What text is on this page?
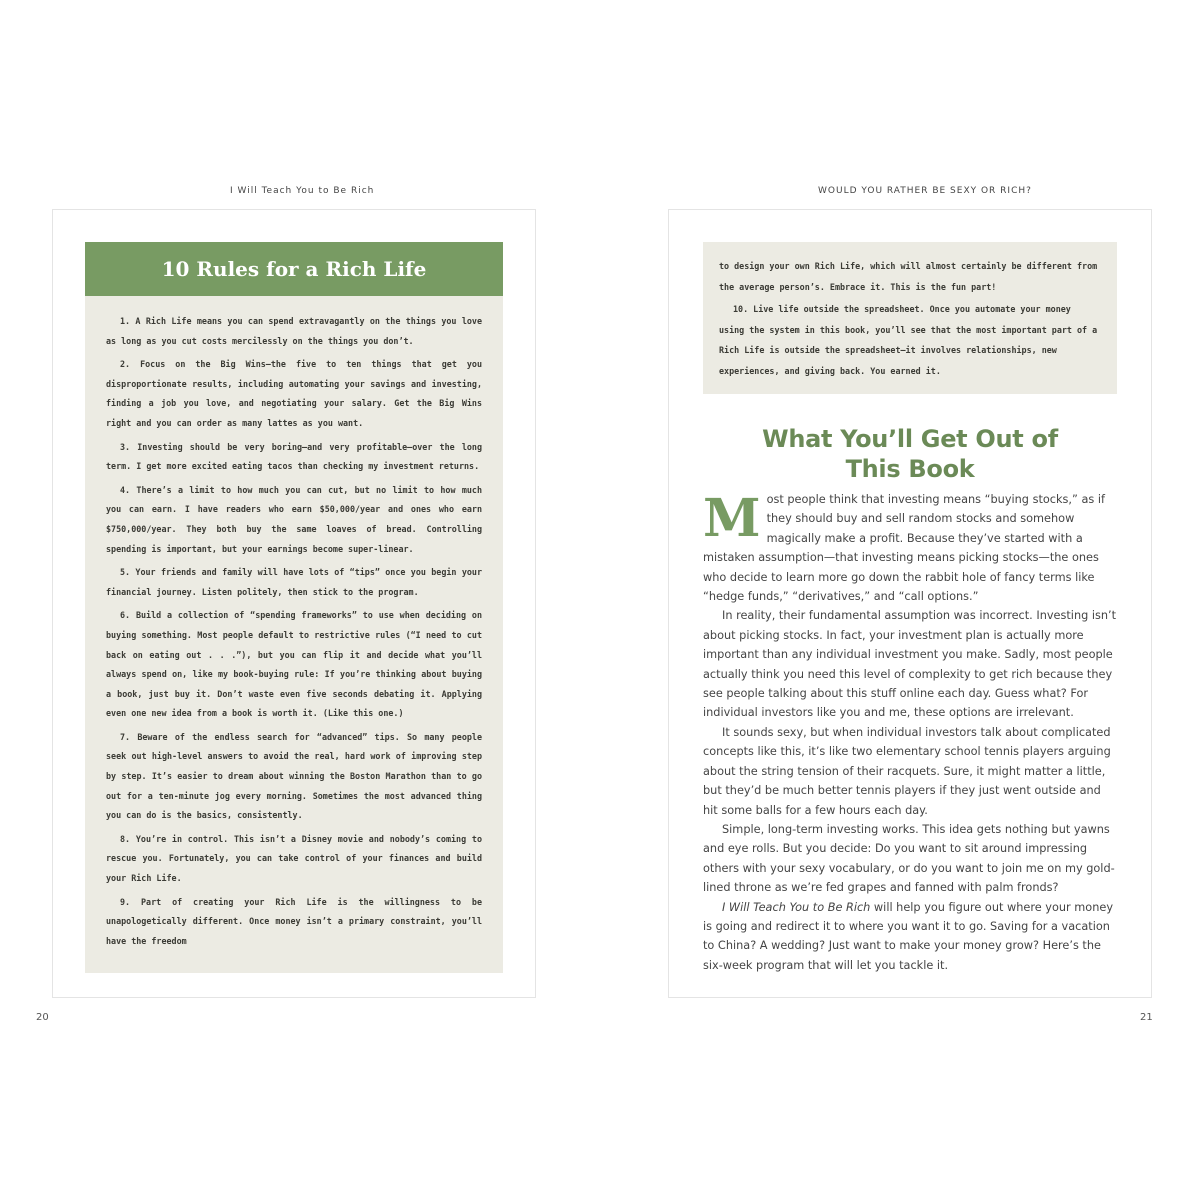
I Will Teach You to Be Rich	WOULD YOU RATHER BE SEXY OR RICH?
10 Rules for a Rich Life

1. A Rich Life means you can spend extravagantly on the things you love as long as you cut costs mercilessly on the things you don’t.

2. Focus on the Big Wins—the five to ten things that get you disproportionate results, including automating your savings and investing, finding a job you love, and negotiating your salary. Get the Big Wins right and you can order as many lattes as you want.

3. Investing should be very boring—and very profitable—over the long term. I get more excited eating tacos than checking my investment returns.

4. There’s a limit to how much you can cut, but no limit to how much you can earn. I have readers who earn $50,000/year and ones who earn $750,000/year. They both buy the same loaves of bread. Controlling spending is important, but your earnings become super-linear.

5. Your friends and family will have lots of “tips” once you begin your financial journey. Listen politely, then stick to the program.

6. Build a collection of “spending frameworks” to use when deciding on buying something. Most people default to restrictive rules (“I need to cut back on eating out . . .”), but you can flip it and decide what you’ll always spend on, like my book-buying rule: If you’re thinking about buying a book, just buy it. Don’t waste even five seconds debating it. Applying even one new idea from a book is worth it. (Like this one.)

7. Beware of the endless search for “advanced” tips. So many people seek out high-level answers to avoid the real, hard work of improving step by step. It’s easier to dream about winning the Boston Marathon than to go out for a ten-minute jog every morning. Sometimes the most advanced thing you can do is the basics, consistently.

8. You’re in control. This isn’t a Disney movie and nobody’s coming to rescue you. Fortunately, you can take control of your finances and build your Rich Life.

9. Part of creating your Rich Life is the willingness to be unapologetically different. Once money isn’t a primary constraint, you’ll have the freedom

to design your own Rich Life, which will almost certainly be different from the average person’s. Embrace it. This is the fun part!

10. Live life outside the spreadsheet. Once you automate your money using the system in this book, you’ll see that the most important part of a Rich Life is outside the spreadsheet—it involves relationships, new experiences, and giving back. You earned it.

What You’ll Get Out of
This Book

Most people think that investing means “buying stocks,” as if they should buy and sell random stocks and somehow magically make a profit. Because they’ve started with a mistaken assumption—that investing means picking stocks—the ones who decide to learn more go down the rabbit hole of fancy terms like “hedge funds,” “derivatives,” and “call options.”

In reality, their fundamental assumption was incorrect. Investing isn’t about picking stocks. In fact, your investment plan is actually more important than any individual investment you make. Sadly, most people actually think you need this level of complexity to get rich because they see people talking about this stuff online each day. Guess what? For individual investors like you and me, these options are irrelevant.

It sounds sexy, but when individual investors talk about complicated concepts like this, it’s like two elementary school tennis players arguing about the string tension of their racquets. Sure, it might matter a little, but they’d be much better tennis players if they just went outside and hit some balls for a few hours each day.

Simple, long-term investing works. This idea gets nothing but yawns and eye rolls. But you decide: Do you want to sit around impressing others with your sexy vocabulary, or do you want to join me on my gold-lined throne as we’re fed grapes and fanned with palm fronds?

I Will Teach You to Be Rich will help you figure out where your money is going and redirect it to where you want it to go. Saving for a vacation to China? A wedding? Just want to make your money grow? Here’s the six-week program that will let you tackle it.

20	21
